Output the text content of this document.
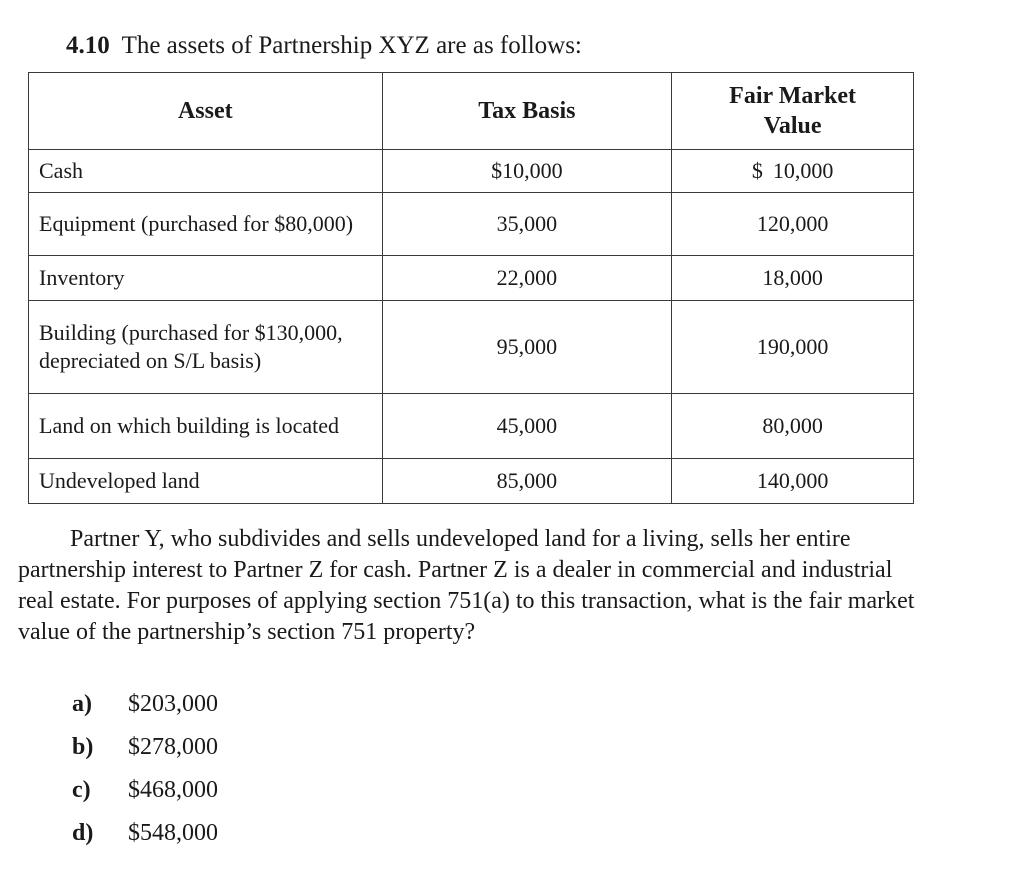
4.10 The assets of Partnership XYZ are as follows:
Asset	Tax Basis	Fair Market Value
Cash	$10,000	$ 10,000
Equipment (purchased for $80,000)	35,000	120,000
Inventory	22,000	18,000
Building (purchased for $130,000, depreciated on S/L basis)	95,000	190,000
Land on which building is located	45,000	80,000
Undeveloped land	85,000	140,000

Partner Y, who subdivides and sells undeveloped land for a living, sells her entire partnership interest to Partner Z for cash. Partner Z is a dealer in commercial and industrial real estate. For purposes of applying section 751(a) to this transaction, what is the fair market value of the partnership’s section 751 property?

a) $203,000
b) $278,000
c) $468,000
d) $548,000
